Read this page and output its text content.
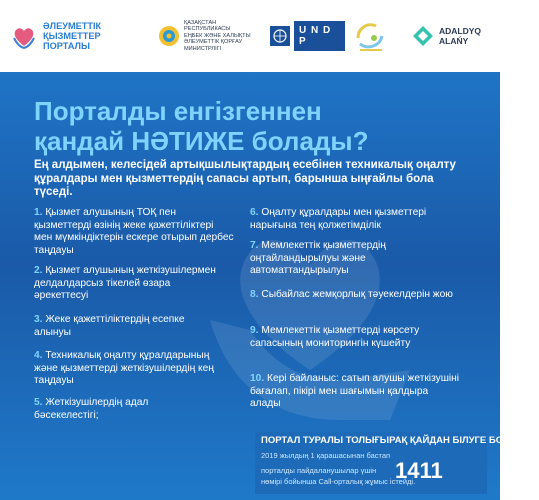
ӘЛЕУМЕТТІК
ҚЫЗМЕТТЕР ПОРТАЛЫ
ҚАЗАҚСТАН РЕСПУБЛИКАСЫ
ЕҢБЕК ЖӘНЕ ХАЛЫҚТЫ
ӘЛЕУМЕТТІК ҚОРҒАУ
МИНИСТРЛІГІ
U N D P
ADALDYQ
ALAŃY
Порталды енгізгеннен
қандай НӘТИЖЕ болады?
Ең алдымен, келесідей артықшылықтардың есебінен техникалық оңалту құралдары мен қызметтердің сапасы артып, барынша ыңғайлы бола түседі.
1. Қызмет алушының ТОҚ пен қызметтерді өзінің жеке қажеттіліктері мен мүмкіндіктерін ескере отырып дербес таңдауы
2. Қызмет алушының жеткізушілермен делдалдарсыз тікелей өзара әрекеттесуі
3. Жеке қажеттіліктердің есепке алынуы
4. Техникалық оңалту құралдарының және қызметтерді жеткізушілердің кең таңдауы
5. Жеткізушілердің адал бәсекелестігі;
6. Оңалту құралдары мен қызметтері нарығына тең қолжетімділік
7. Мемлекеттік қызметтердің оңтайландырылуы және автоматтандырылуы
8. Сыбайлас жемқорлық тәуекелдерін жою
9. Мемлекеттік қызметтерді көрсету сапасының мониторингін күшейту
10. Кері байланыс: сатып алушы жеткізушіні бағалап, пікірі мен шағымын қалдыра алады
ПОРТАЛ ТУРАЛЫ ТОЛЫҒЫРАҚ ҚАЙДАН БІЛУГЕ БОЛАДЫ?
2019 жылдың 1 қарашасынан бастап
порталды пайдаланушылар үшін 1411
нөмірі бойынша Call-орталық жұмыс істейді.
